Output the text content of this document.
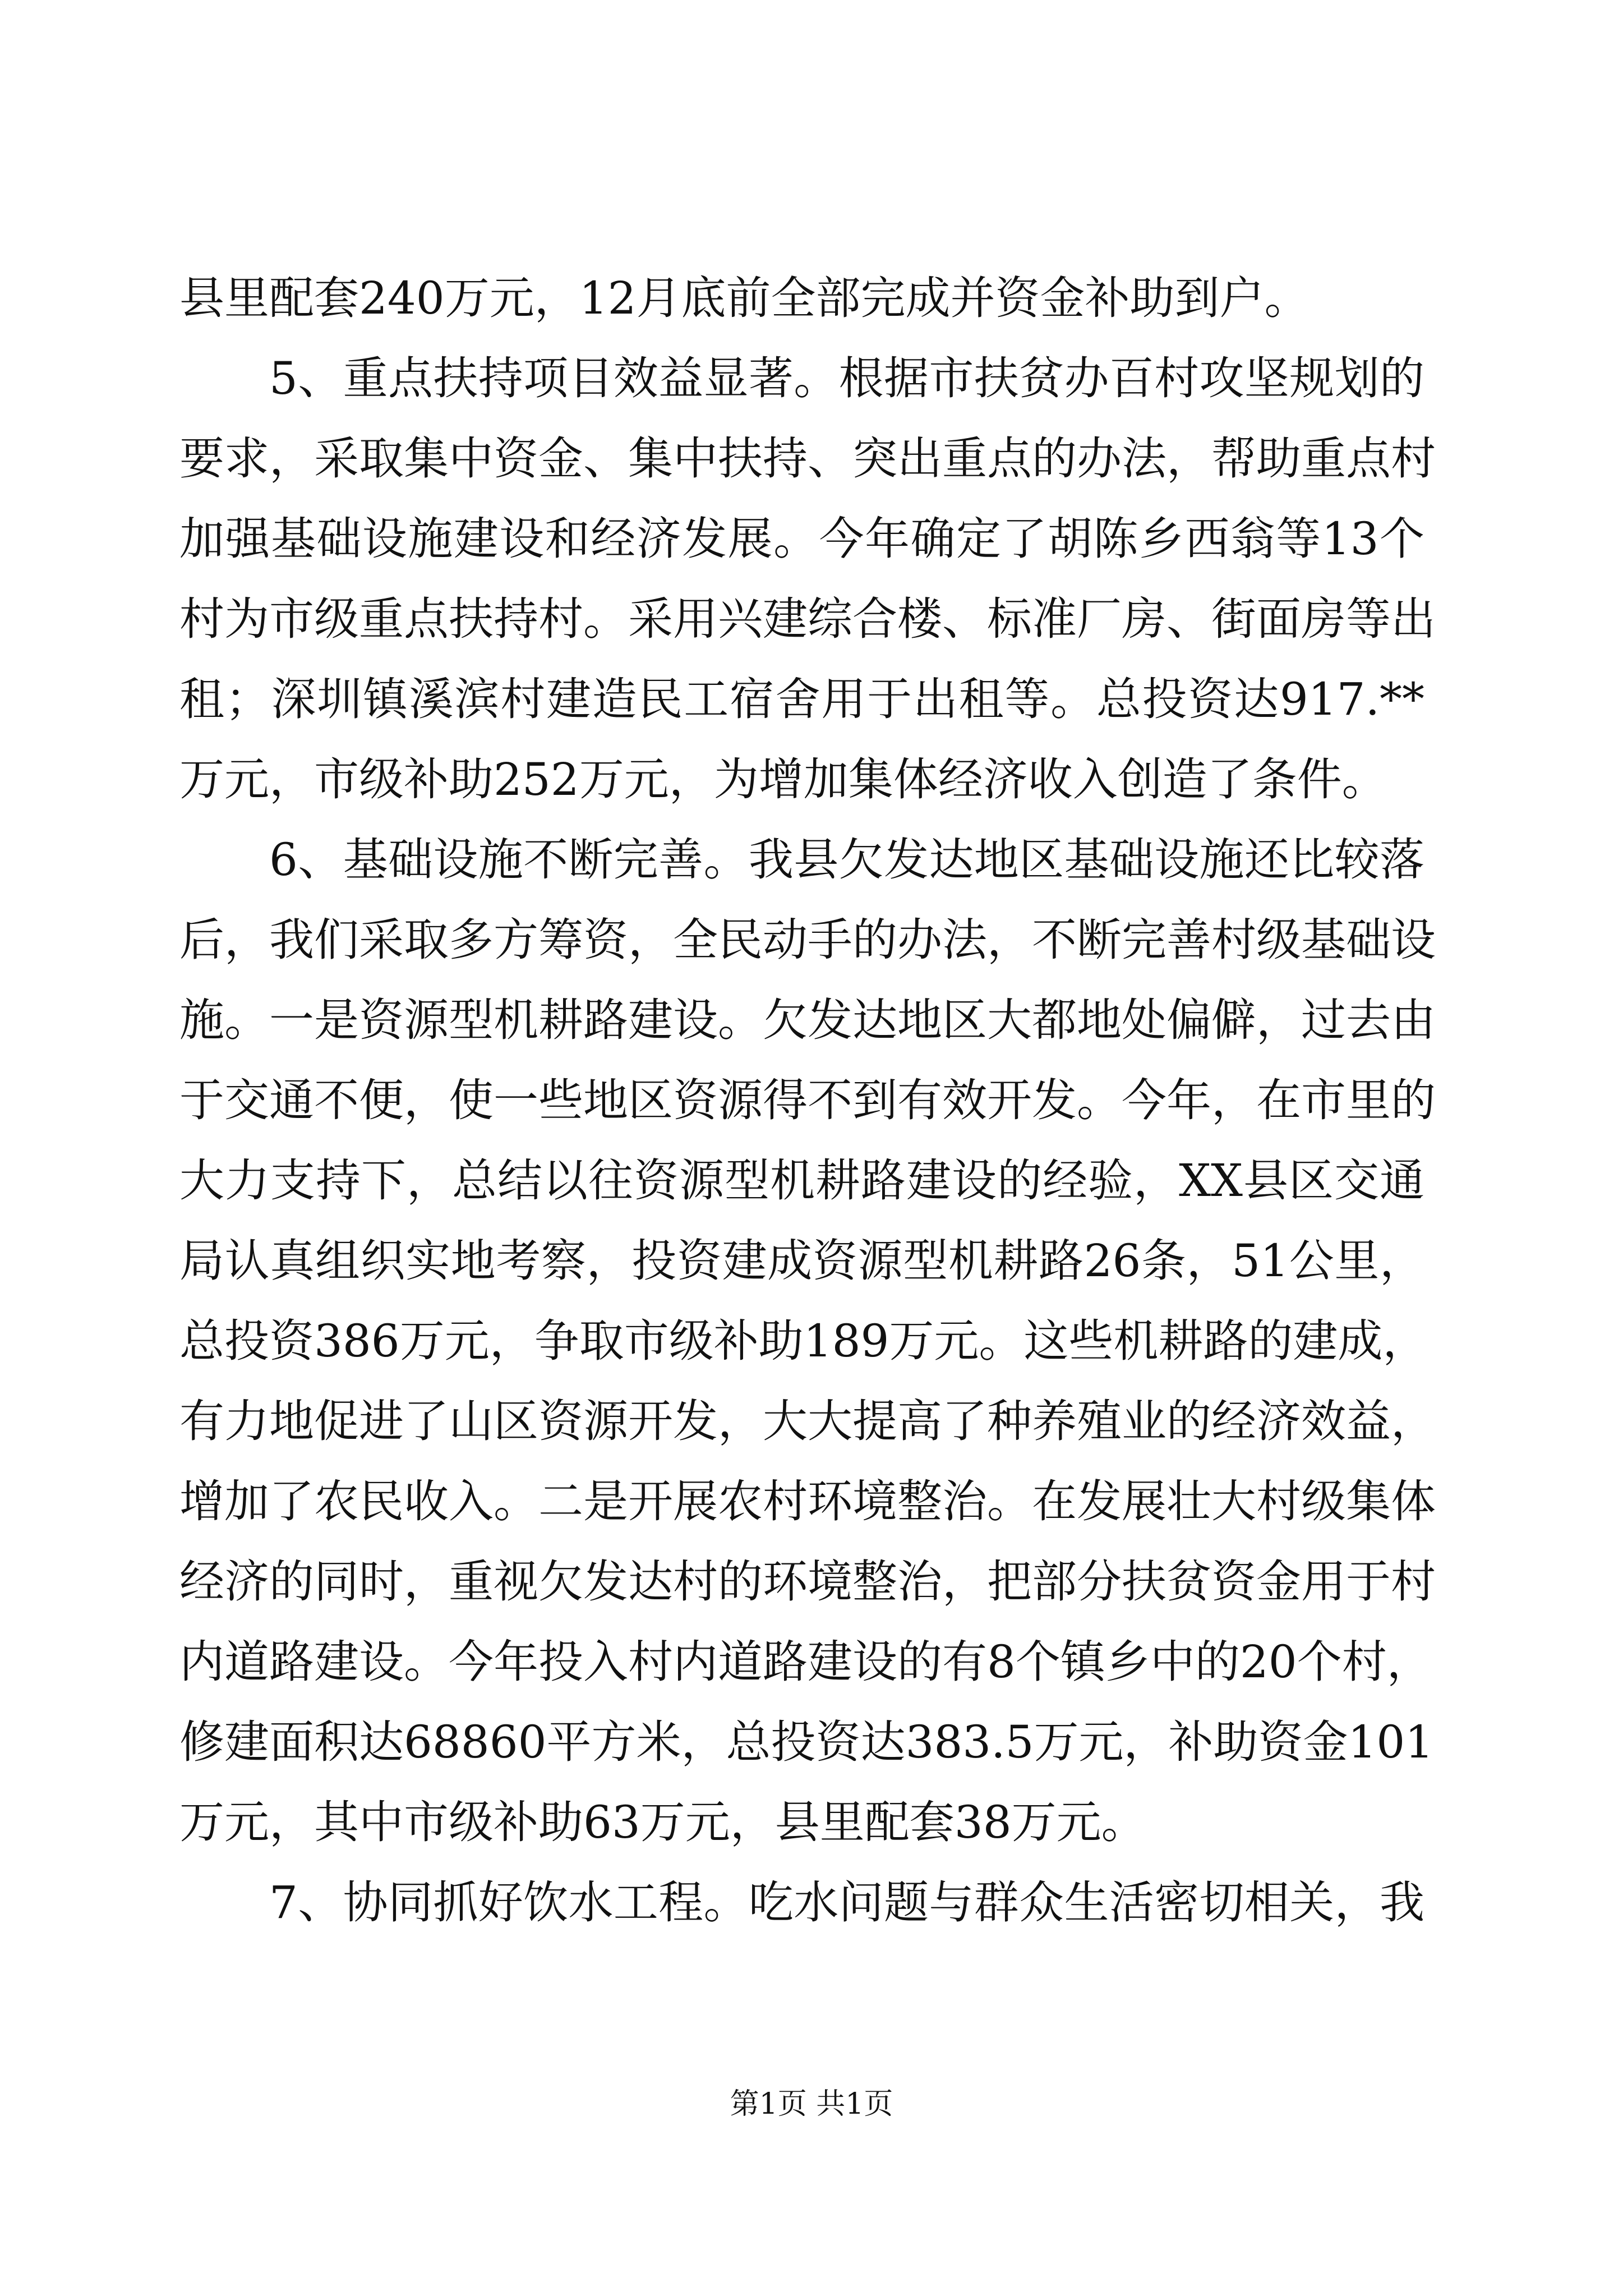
县里配套240万元，12月底前全部完成并资金补助到户。
5、重点扶持项目效益显著。根据市扶贫办百村攻坚规划的
要求，采取集中资金、集中扶持、突出重点的办法，帮助重点村
加强基础设施建设和经济发展。今年确定了胡陈乡西翁等13个
村为市级重点扶持村。采用兴建综合楼、标准厂房、街面房等出
租；深圳镇溪滨村建造民工宿舍用于出租等。总投资达917.**
万元，市级补助252万元，为增加集体经济收入创造了条件。
6、基础设施不断完善。我县欠发达地区基础设施还比较落
后，我们采取多方筹资，全民动手的办法，不断完善村级基础设
施。一是资源型机耕路建设。欠发达地区大都地处偏僻，过去由
于交通不便，使一些地区资源得不到有效开发。今年，在市里的
大力支持下，总结以往资源型机耕路建设的经验，XX县区交通
局认真组织实地考察，投资建成资源型机耕路26条，51公里，
总投资386万元，争取市级补助189万元。这些机耕路的建成，
有力地促进了山区资源开发，大大提高了种养殖业的经济效益，
增加了农民收入。二是开展农村环境整治。在发展壮大村级集体
经济的同时，重视欠发达村的环境整治，把部分扶贫资金用于村
内道路建设。今年投入村内道路建设的有8个镇乡中的20个村，
修建面积达68860平方米，总投资达383.5万元，补助资金101
万元，其中市级补助63万元，县里配套38万元。
7、协同抓好饮水工程。吃水问题与群众生活密切相关，我
第1页 共1页
